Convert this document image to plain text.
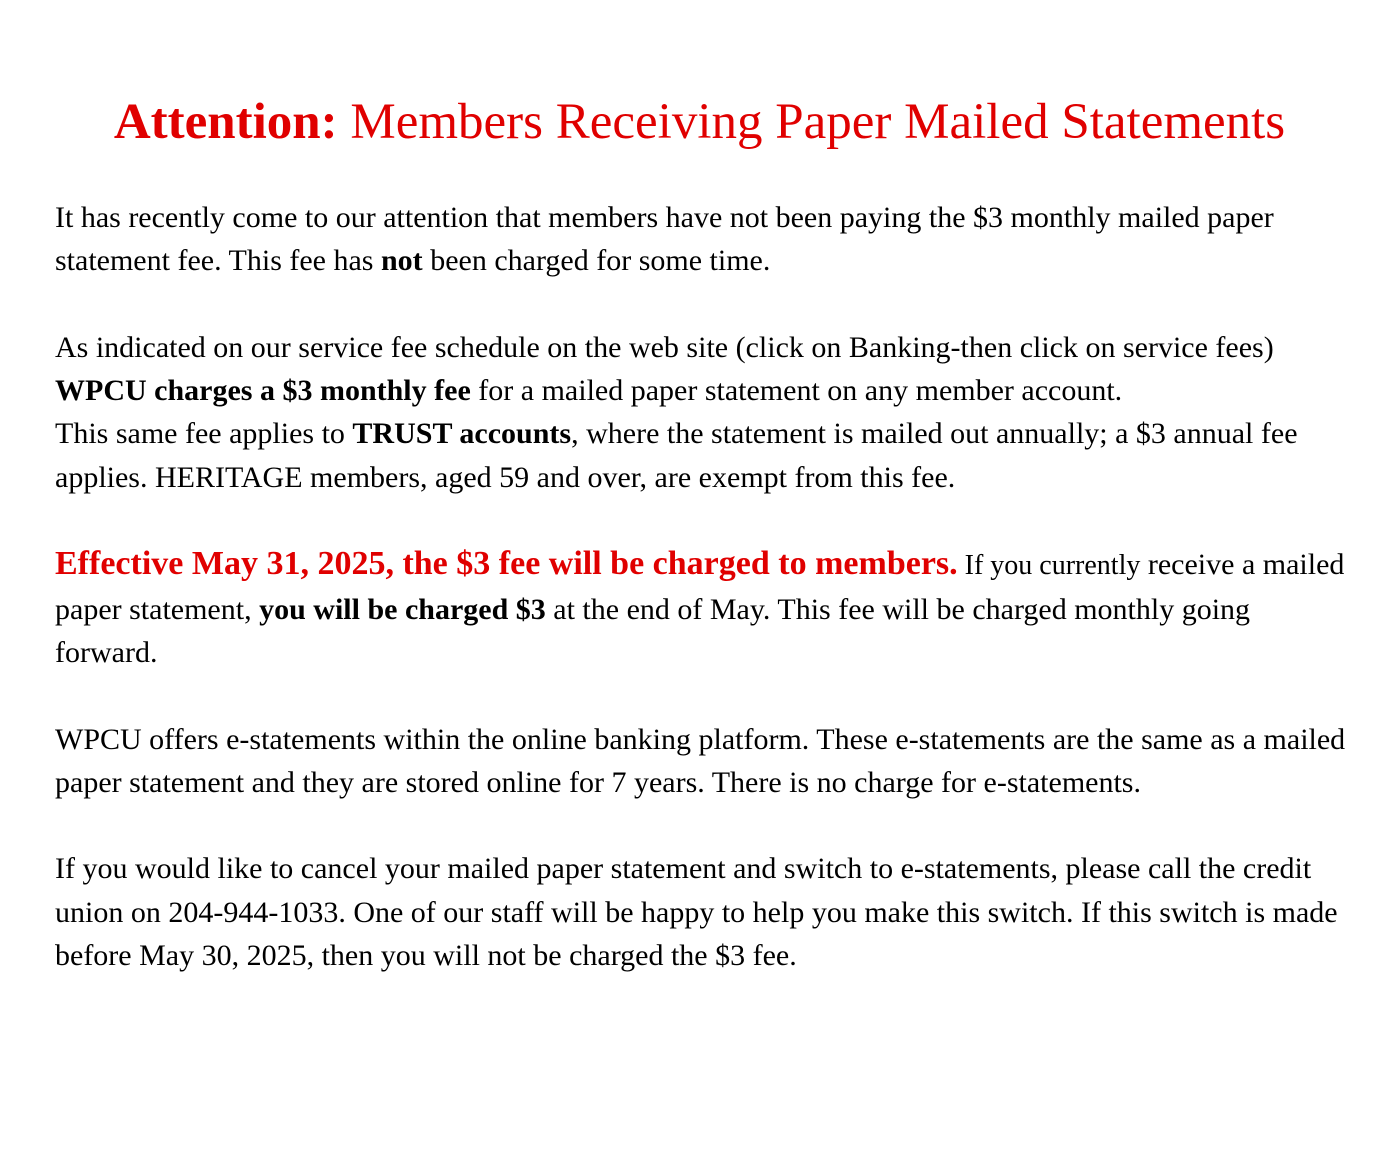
Attention: Members Receiving Paper Mailed Statements

It has recently come to our attention that members have not been paying the $3 monthly mailed paper statement fee. This fee has not been charged for some time.

As indicated on our service fee schedule on the web site (click on Banking-then click on service fees) WPCU charges a $3 monthly fee for a mailed paper statement on any member account.

This same fee applies to TRUST accounts, where the statement is mailed out annually; a $3 annual fee applies. HERITAGE members, aged 59 and over, are exempt from this fee.

Effective May 31, 2025, the $3 fee will be charged to members. If you currently receive a mailed paper statement, you will be charged $3 at the end of May. This fee will be charged monthly going forward.

WPCU offers e-statements within the online banking platform. These e-statements are the same as a mailed paper statement and they are stored online for 7 years. There is no charge for e-statements.

If you would like to cancel your mailed paper statement and switch to e-statements, please call the credit union on 204-944-1033. One of our staff will be happy to help you make this switch. If this switch is made before May 30, 2025, then you will not be charged the $3 fee.
